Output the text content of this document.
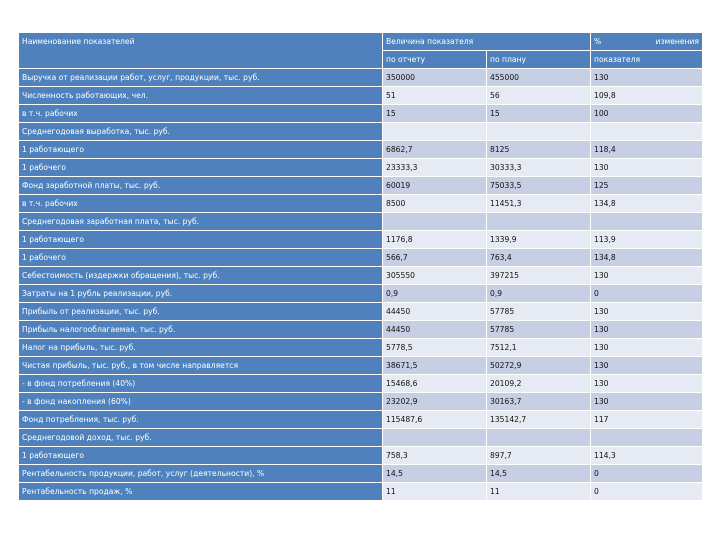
Наименование показателей	Величина показателя		% изменения

	по отчету	по плану	показателя
Выручка от реализации работ, услуг, продукции, тыс. руб.	350000	455000	130
Численность работающих, чел.	51	56	109,8
в т.ч. рабочих	15	15	100
Среднегодовая выработка, тыс. руб.			
1 работающего	6862,7	8125	118,4
1 рабочего	23333,3	30333,3	130
Фонд заработной платы, тыс. руб.	60019	75033,5	125
в т.ч. рабочих	8500	11451,3	134,8
Среднегодовая заработная плата, тыс. руб.			
1 работающего	1176,8	1339,9	113,9
1 рабочего	566,7	763,4	134,8
Себестоимость (издержки обращения), тыс. руб.	305550	397215	130
Затраты на 1 рубль реализации, руб.	0,9	0,9	0
Прибыль от реализации, тыс. руб.	44450	57785	130
Прибыль налогооблагаемая, тыс. руб.	44450	57785	130
Налог на прибыль, тыс. руб.	5778,5	7512,1	130
Чистая прибыль, тыс. руб., в том числе направляется	38671,5	50272,9	130
- в фонд потребления (40%)	15468,6	20109,2	130
- в фонд накопления (60%)	23202,9	30163,7	130
Фонд потребления, тыс. руб.	115487,6	135142,7	117
Среднегодовой доход, тыс. руб.			
1 работающего	758,3	897,7	114,3
Рентабельность продукции, работ, услуг (деятельности), %	14,5	14,5	0
Рентабельность продаж, %	11	11	0
